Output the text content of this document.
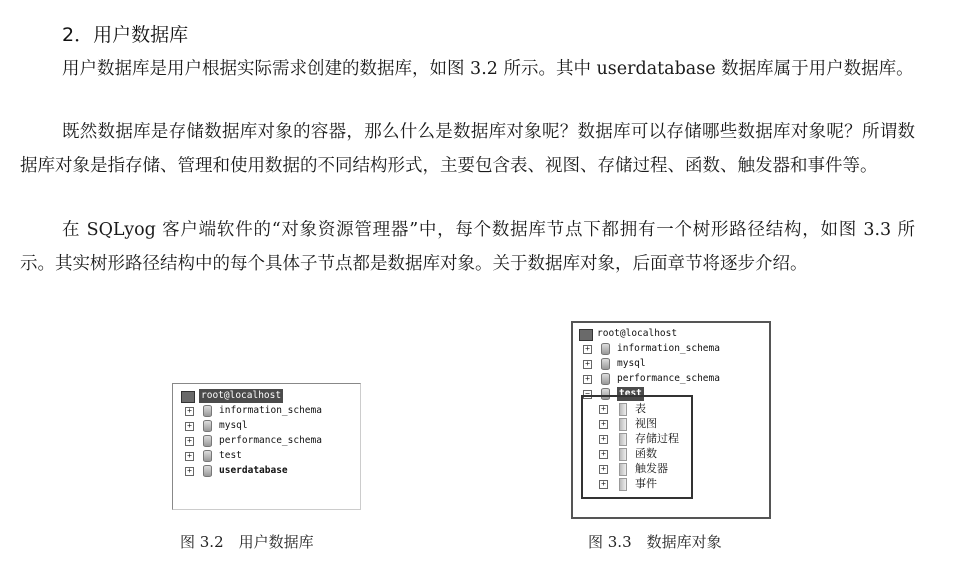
2．用户数据库

用户数据库是用户根据实际需求创建的数据库，如图 3.2 所示。其中 userdatabase 数据库属于用户数据库。

既然数据库是存储数据库对象的容器，那么什么是数据库对象呢？数据库可以存储哪些数据库对象呢？所谓数据库对象是指存储、管理和使用数据的不同结构形式，主要包含表、视图、存储过程、函数、触发器和事件等。

在 SQLyog 客户端软件的“对象资源管理器”中，每个数据库节点下都拥有一个树形路径结构，如图 3.3 所示。其实树形路径结构中的每个具体子节点都是数据库对象。关于数据库对象，后面章节将逐步介绍。

root@localhost
+	information_schema
+	mysql
+	performance_schema
+	test
+	userdatabase
图 3.2　用户数据库
root@localhost
+	information_schema
+	mysql
+	performance_schema
−	test
+	表
+	视图
+	存储过程
+	函数
+	触发器
+	事件
图 3.3　数据库对象
